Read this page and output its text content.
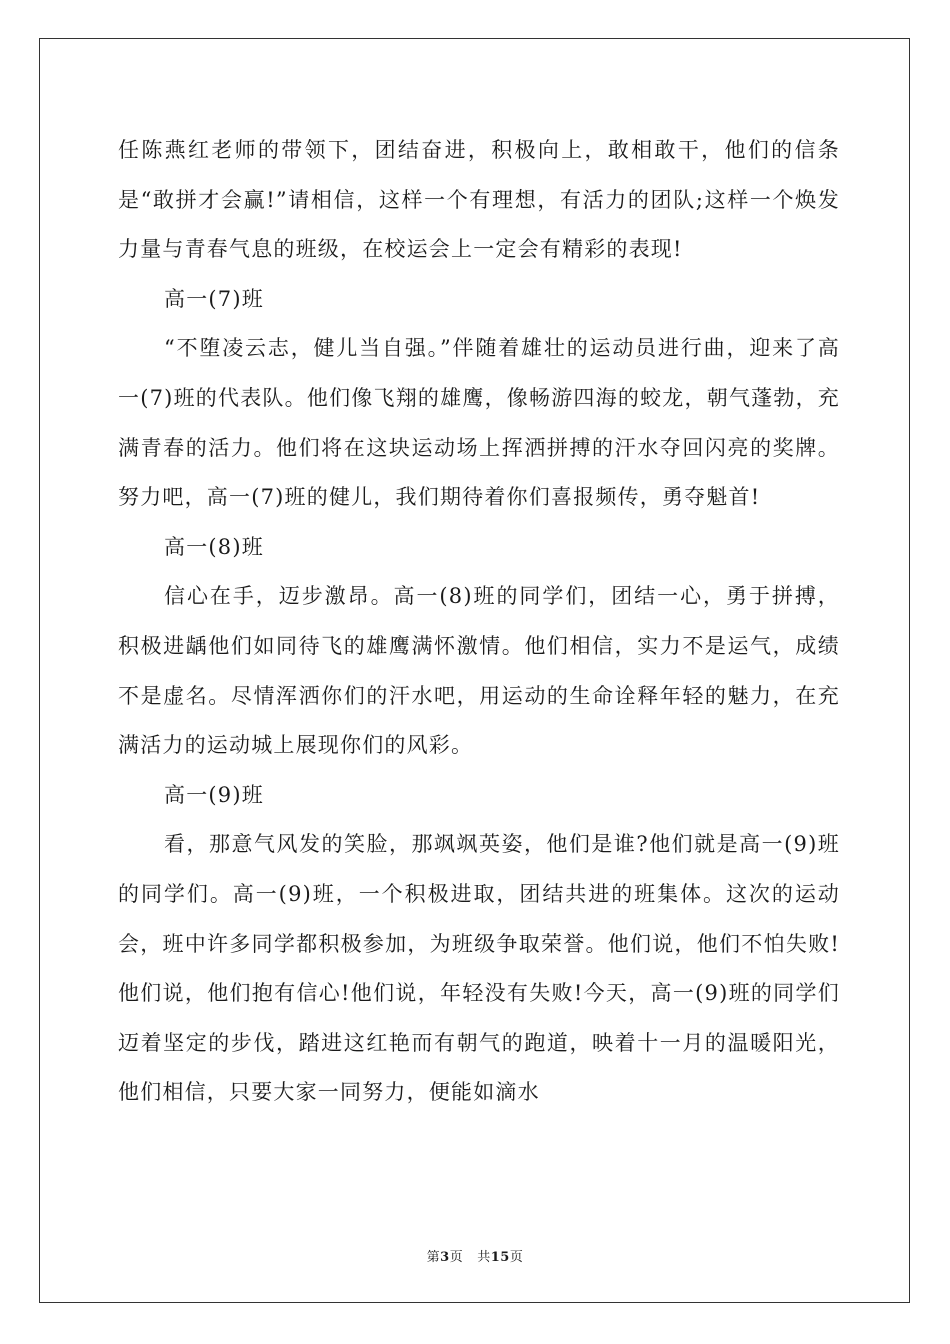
任陈燕红老师的带领下，团结奋进，积极向上，敢相敢干，他们的信条是“敢拼才会赢!”请相信，这样一个有理想，有活力的团队;这样一个焕发力量与青春气息的班级，在校运会上一定会有精彩的表现!

高一(7)班

“不堕凌云志，健儿当自强。”伴随着雄壮的运动员进行曲，迎来了高一(7)班的代表队。他们像飞翔的雄鹰，像畅游四海的蛟龙，朝气蓬勃，充满青春的活力。他们将在这块运动场上挥洒拼搏的汗水夺回闪亮的奖牌。努力吧，高一(7)班的健儿，我们期待着你们喜报频传，勇夺魁首!

高一(8)班

信心在手，迈步激昂。高一(8)班的同学们，团结一心，勇于拼搏，积极进龋他们如同待飞的雄鹰满怀激情。他们相信，实力不是运气，成绩不是虚名。尽情浑洒你们的汗水吧，用运动的生命诠释年轻的魅力，在充满活力的运动城上展现你们的风彩。

高一(9)班

看，那意气风发的笑脸，那飒飒英姿，他们是谁?他们就是高一(9)班的同学们。高一(9)班，一个积极进取，团结共进的班集体。这次的运动会，班中许多同学都积极参加，为班级争取荣誉。他们说，他们不怕失败!他们说，他们抱有信心!他们说，年轻没有失败!今天，高一(9)班的同学们迈着坚定的步伐，踏进这红艳而有朝气的跑道，映着十一月的温暖阳光，他们相信，只要大家一同努力，便能如滴水

第3页 共15页
